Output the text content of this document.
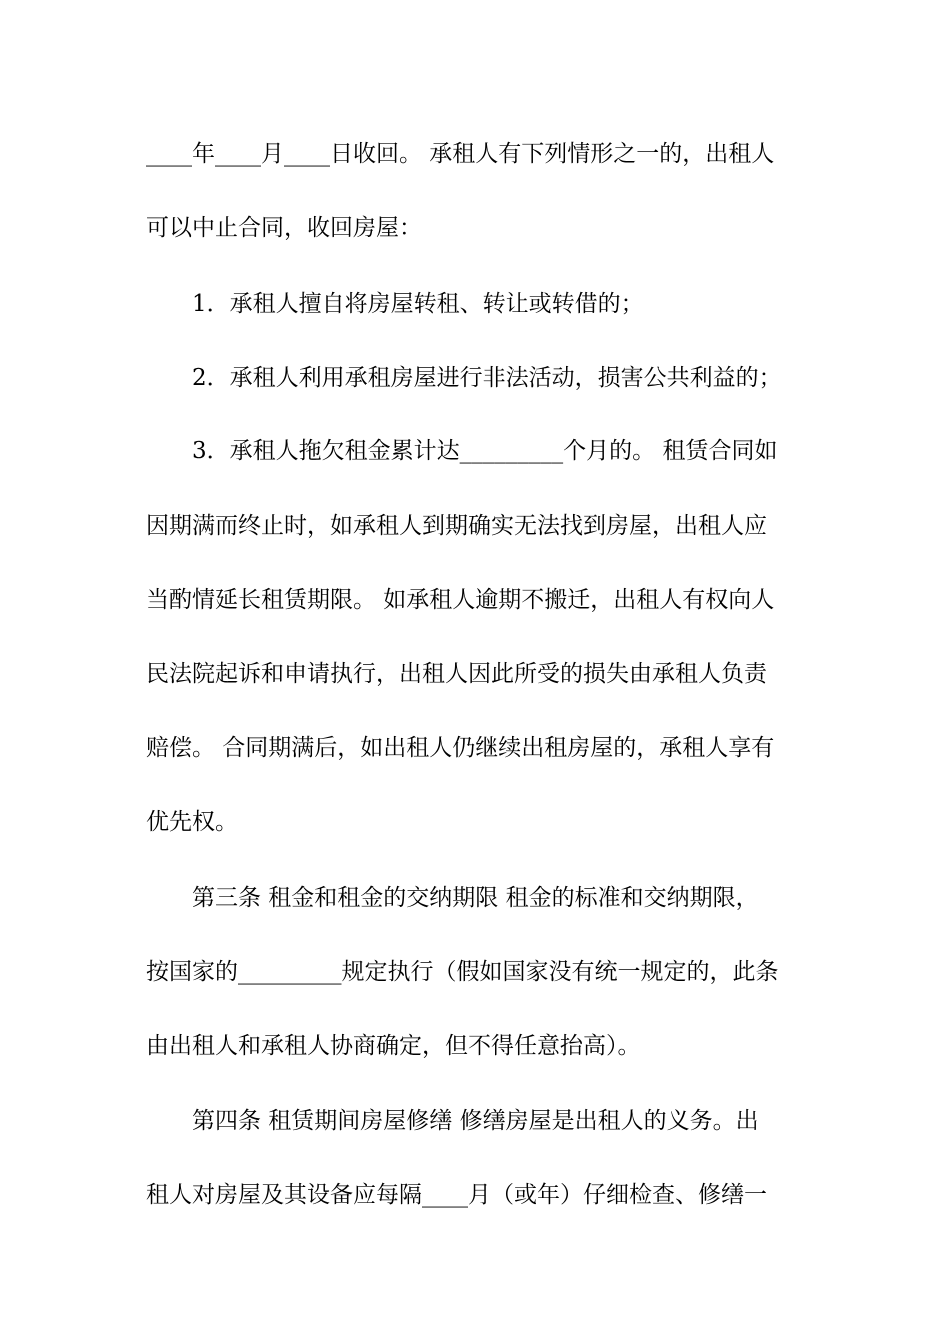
____年____月____日收回。 承租人有下列情形之一的，出租人
可以中止合同，收回房屋：
1．承租人擅自将房屋转租、转让或转借的；
2．承租人利用承租房屋进行非法活动，损害公共利益的；
3．承租人拖欠租金累计达_________个月的。 租赁合同如
因期满而终止时，如承租人到期确实无法找到房屋，出租人应
当酌情延长租赁期限。 如承租人逾期不搬迁，出租人有权向人
民法院起诉和申请执行，出租人因此所受的损失由承租人负责
赔偿。 合同期满后，如出租人仍继续出租房屋的，承租人享有
优先权。
第三条 租金和租金的交纳期限 租金的标准和交纳期限，
按国家的_________规定执行（假如国家没有统一规定的，此条
由出租人和承租人协商确定，但不得任意抬高）。
第四条 租赁期间房屋修缮 修缮房屋是出租人的义务。出
租人对房屋及其设备应每隔____月（或年）仔细检查、修缮一
